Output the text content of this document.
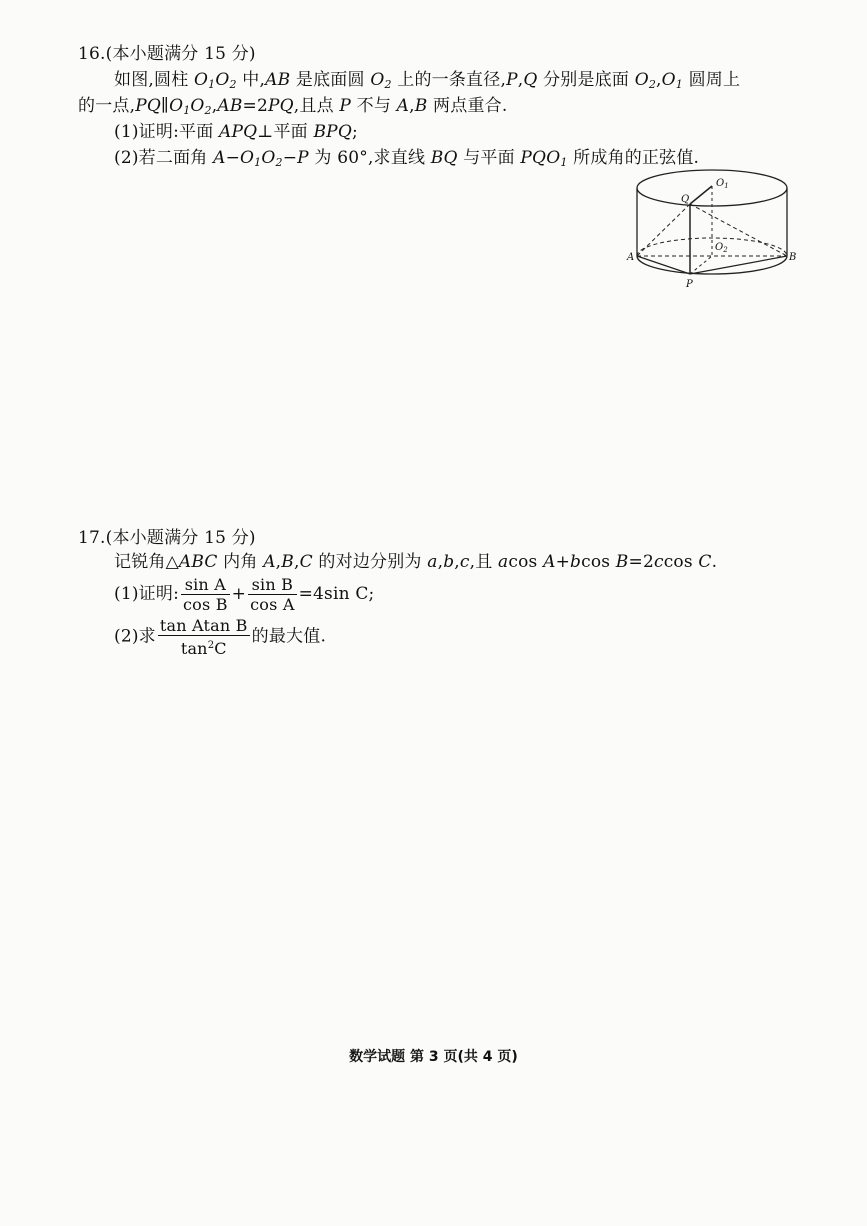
16.(本小题满分 15 分)
如图,圆柱 $O_1O_2$ 中,AB 是底面圆 $O_2$ 上的一条直径,P,Q 分别是底面 $O_2,O_1$ 圆周上
的一点$,PQ\parallel O_1O_2,AB=2PQ$,且点 P 不与 A,B 两点重合.
(1)证明:平面 APQ⊥平面 BPQ;
(2)若二面角 $A-O_1O_2-P$ 为 60°,求直线 BQ 与平面 $PQO_1$ 所成角的正弦值.
Q
$O_1$
$O_2$
A	B
P
17.(本小题满分 15 分)
记锐角△ABC 内角 A,B,C 的对边分别为 a,b,c,且 acos A+bcos B=2ccos C.
(1)证明: $\frac{\text{sin A}}{\text{cos B}} + \frac{\text{sin B}}{\text{cos A}} =4\sin$ C;
(2)求 $\frac{\text{tan Atan B}}{\tan^2C}$ 的最大值.
数学试题 第 3 页(共 4 页)
